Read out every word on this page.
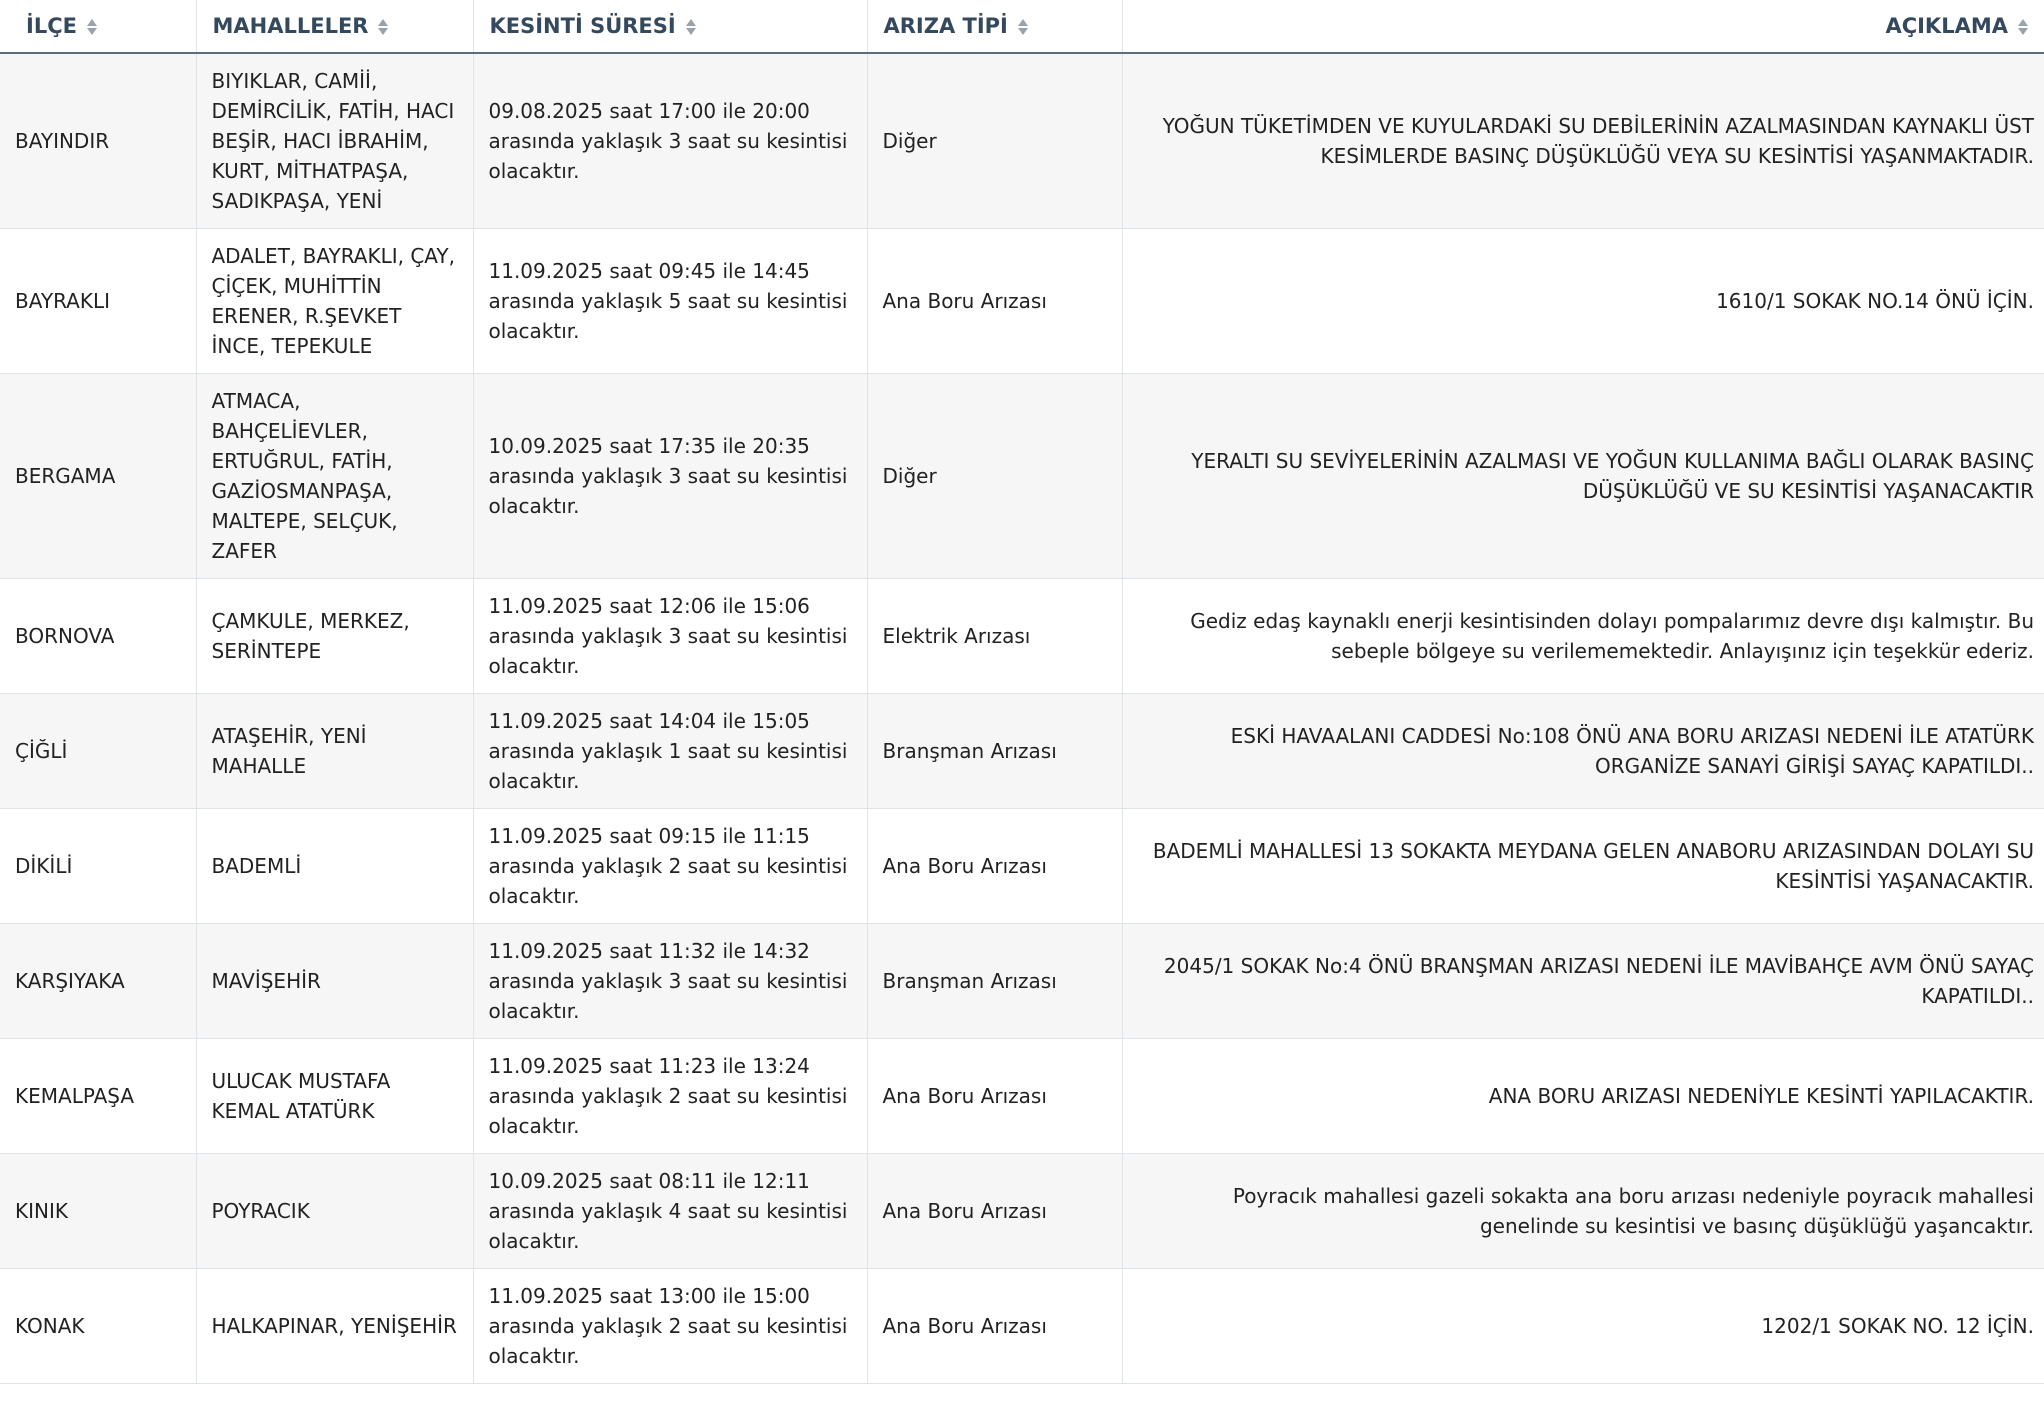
İLÇE	MAHALLELER	KESİNTİ SÜRESİ	ARIZA TİPİ	AÇIKLAMA
BAYINDIR	BIYIKLAR, CAMİİ, DEMİRCİLİK, FATİH, HACI BEŞİR, HACI İBRAHİM, KURT, MİTHATPAŞA, SADIKPAŞA, YENİ	09.08.2025 saat 17:00 ile 20:00 arasında yaklaşık 3 saat su kesintisi olacaktır.	Diğer	YOĞUN TÜKETİMDEN VE KUYULARDAKİ SU DEBİLERİNİN AZALMASINDAN KAYNAKLI ÜST KESİMLERDE BASINÇ DÜŞÜKLÜĞÜ VEYA SU KESİNTİSİ YAŞANMAKTADIR.
BAYRAKLI	ADALET, BAYRAKLI, ÇAY, ÇİÇEK, MUHİTTİN ERENER, R.ŞEVKET İNCE, TEPEKULE	11.09.2025 saat 09:45 ile 14:45 arasında yaklaşık 5 saat su kesintisi olacaktır.	Ana Boru Arızası	1610/1 SOKAK NO.14 ÖNÜ İÇİN.
BERGAMA	ATMACA, BAHÇELİEVLER, ERTUĞRUL, FATİH, GAZİOSMANPAŞA, MALTEPE, SELÇUK, ZAFER	10.09.2025 saat 17:35 ile 20:35 arasında yaklaşık 3 saat su kesintisi olacaktır.	Diğer	YERALTI SU SEVİYELERİNİN AZALMASI VE YOĞUN KULLANIMA BAĞLI OLARAK BASINÇ DÜŞÜKLÜĞÜ VE SU KESİNTİSİ YAŞANACAKTIR
BORNOVA	ÇAMKULE, MERKEZ, SERİNTEPE	11.09.2025 saat 12:06 ile 15:06 arasında yaklaşık 3 saat su kesintisi olacaktır.	Elektrik Arızası	Gediz edaş kaynaklı enerji kesintisinden dolayı pompalarımız devre dışı kalmıştır. Bu sebeple bölgeye su verilememektedir. Anlayışınız için teşekkür ederiz.
ÇİĞLİ	ATAŞEHİR, YENİ MAHALLE	11.09.2025 saat 14:04 ile 15:05 arasında yaklaşık 1 saat su kesintisi olacaktır.	Branşman Arızası	ESKİ HAVAALANI CADDESİ No:108 ÖNÜ ANA BORU ARIZASI NEDENİ İLE ATATÜRK ORGANİZE SANAYİ GİRİŞİ SAYAÇ KAPATILDI..
DİKİLİ	BADEMLİ	11.09.2025 saat 09:15 ile 11:15 arasında yaklaşık 2 saat su kesintisi olacaktır.	Ana Boru Arızası	BADEMLİ MAHALLESİ 13 SOKAKTA MEYDANA GELEN ANABORU ARIZASINDAN DOLAYI SU KESİNTİSİ YAŞANACAKTIR.
KARŞIYAKA	MAVİŞEHİR	11.09.2025 saat 11:32 ile 14:32 arasında yaklaşık 3 saat su kesintisi olacaktır.	Branşman Arızası	2045/1 SOKAK No:4 ÖNÜ BRANŞMAN ARIZASI NEDENİ İLE MAVİBAHÇE AVM ÖNÜ SAYAÇ KAPATILDI..
KEMALPAŞA	ULUCAK MUSTAFA KEMAL ATATÜRK	11.09.2025 saat 11:23 ile 13:24 arasında yaklaşık 2 saat su kesintisi olacaktır.	Ana Boru Arızası	ANA BORU ARIZASI NEDENİYLE KESİNTİ YAPILACAKTIR.
KINIK	POYRACIK	10.09.2025 saat 08:11 ile 12:11 arasında yaklaşık 4 saat su kesintisi olacaktır.	Ana Boru Arızası	Poyracık mahallesi gazeli sokakta ana boru arızası nedeniyle poyracık mahallesi genelinde su kesintisi ve basınç düşüklüğü yaşancaktır.
KONAK	HALKAPINAR, YENİŞEHİR	11.09.2025 saat 13:00 ile 15:00 arasında yaklaşık 2 saat su kesintisi olacaktır.	Ana Boru Arızası	1202/1 SOKAK NO. 12 İÇİN.
